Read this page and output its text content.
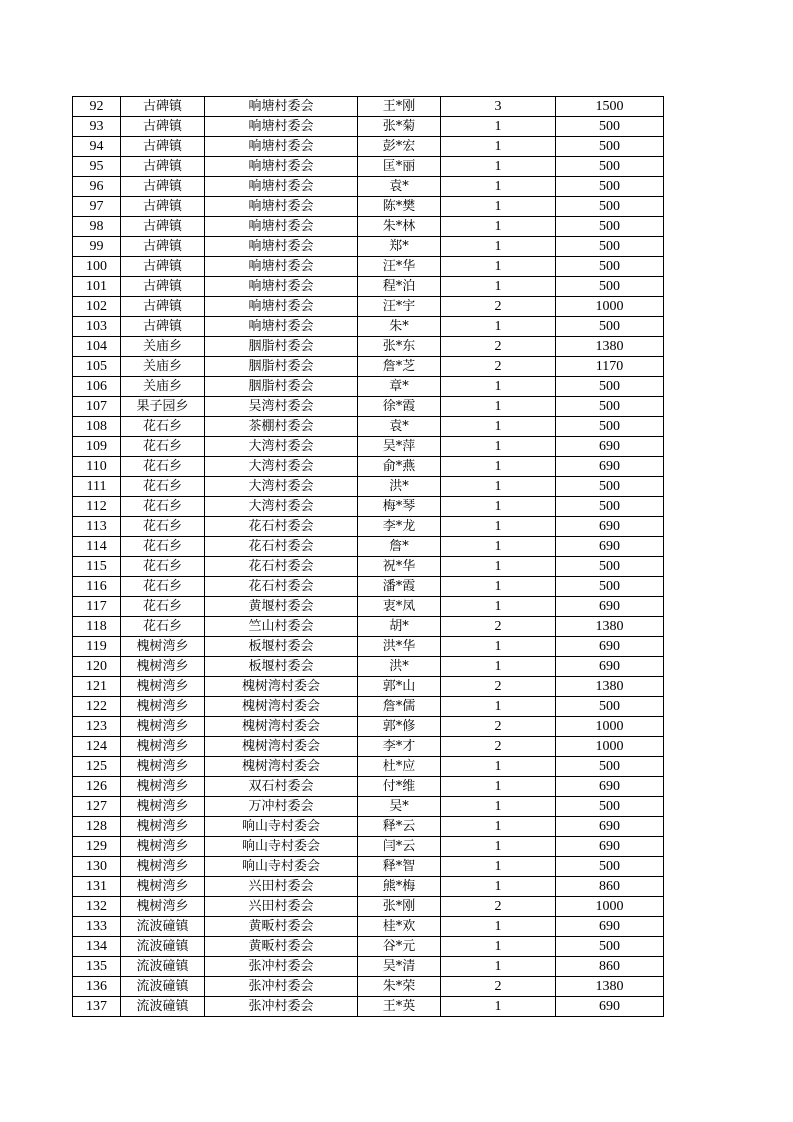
92	古碑镇	响塘村委会	王*刚	3	1500
93	古碑镇	响塘村委会	张*菊	1	500
94	古碑镇	响塘村委会	彭*宏	1	500
95	古碑镇	响塘村委会	匡*丽	1	500
96	古碑镇	响塘村委会	袁*	1	500
97	古碑镇	响塘村委会	陈*樊	1	500
98	古碑镇	响塘村委会	朱*林	1	500
99	古碑镇	响塘村委会	郑*	1	500
100	古碑镇	响塘村委会	汪*华	1	500
101	古碑镇	响塘村委会	程*泊	1	500
102	古碑镇	响塘村委会	汪*宇	2	1000
103	古碑镇	响塘村委会	朱*	1	500
104	关庙乡	胭脂村委会	张*东	2	1380
105	关庙乡	胭脂村委会	詹*芝	2	1170
106	关庙乡	胭脂村委会	章*	1	500
107	果子园乡	吴湾村委会	徐*霞	1	500
108	花石乡	茶棚村委会	袁*	1	500
109	花石乡	大湾村委会	吴*萍	1	690
110	花石乡	大湾村委会	俞*燕	1	690
111	花石乡	大湾村委会	洪*	1	500
112	花石乡	大湾村委会	梅*琴	1	500
113	花石乡	花石村委会	李*龙	1	690
114	花石乡	花石村委会	詹*	1	690
115	花石乡	花石村委会	祝*华	1	500
116	花石乡	花石村委会	潘*霞	1	500
117	花石乡	黄堰村委会	衷*凤	1	690
118	花石乡	竺山村委会	胡*	2	1380
119	槐树湾乡	板堰村委会	洪*华	1	690
120	槐树湾乡	板堰村委会	洪*	1	690
121	槐树湾乡	槐树湾村委会	郭*山	2	1380
122	槐树湾乡	槐树湾村委会	詹*儒	1	500
123	槐树湾乡	槐树湾村委会	郭*修	2	1000
124	槐树湾乡	槐树湾村委会	李*才	2	1000
125	槐树湾乡	槐树湾村委会	杜*应	1	500
126	槐树湾乡	双石村委会	付*维	1	690
127	槐树湾乡	万冲村委会	吴*	1	500
128	槐树湾乡	响山寺村委会	释*云	1	690
129	槐树湾乡	响山寺村委会	闫*云	1	690
130	槐树湾乡	响山寺村委会	释*智	1	500
131	槐树湾乡	兴田村委会	熊*梅	1	860
132	槐树湾乡	兴田村委会	张*刚	2	1000
133	流波䃥镇	黄畈村委会	桂*欢	1	690
134	流波䃥镇	黄畈村委会	谷*元	1	500
135	流波䃥镇	张冲村委会	吴*清	1	860
136	流波䃥镇	张冲村委会	朱*荣	2	1380
137	流波䃥镇	张冲村委会	王*英	1	690
